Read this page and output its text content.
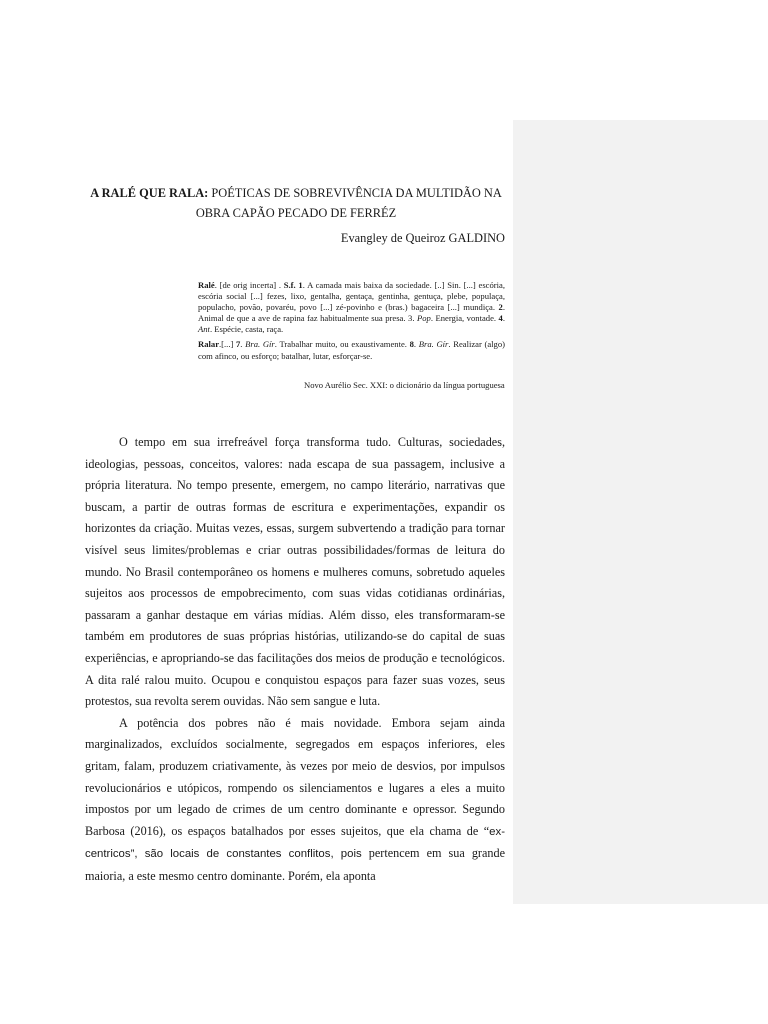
A RALÉ QUE RALA: POÉTICAS DE SOBREVIVÊNCIA DA MULTIDÃO NA OBRA CAPÃO PECADO DE FERRÉZ
Evangley de Queiroz GALDINO

Ralé. [de orig incerta] . S.f. 1. A camada mais baixa da sociedade. [..] Sin. [...] escória, escória social [...] fezes, lixo, gentalha, gentaça, gentinha, gentuça, plebe, populaça, populacho, povão, povaréu, povo [...] zé-povinho e (bras.) bagaceira [...] mundiça. 2. Animal de que a ave de rapina faz habitualmente sua presa. 3. Pop. Energia, vontade. 4. Ant. Espécie, casta, raça.

Ralar.[...] 7. Bra. Gír. Trabalhar muito, ou exaustivamente. 8. Bra. Gír. Realizar (algo) com afinco, ou esforço; batalhar, lutar, esforçar-se.

Novo Aurélio Sec. XXI: o dicionário da língua portuguesa

O tempo em sua irrefreável força transforma tudo. Culturas, sociedades, ideologias, pessoas, conceitos, valores: nada escapa de sua passagem, inclusive a própria literatura. No tempo presente, emergem, no campo literário, narrativas que buscam, a partir de outras formas de escritura e experimentações, expandir os horizontes da criação. Muitas vezes, essas, surgem subvertendo a tradição para tornar visível seus limites/problemas e criar outras possibilidades/formas de leitura do mundo. No Brasil contemporâneo os homens e mulheres comuns, sobretudo aqueles sujeitos aos processos de empobrecimento, com suas vidas cotidianas ordinárias, passaram a ganhar destaque em várias mídias. Além disso, eles transformaram-se também em produtores de suas próprias histórias, utilizando-se do capital de suas experiências, e apropriando-se das facilitações dos meios de produção e tecnológicos. A dita ralé ralou muito. Ocupou e conquistou espaços para fazer suas vozes, seus protestos, sua revolta serem ouvidas. Não sem sangue e luta.

A potência dos pobres não é mais novidade. Embora sejam ainda marginalizados, excluídos socialmente, segregados em espaços inferiores, eles gritam, falam, produzem criativamente, às vezes por meio de desvios, por impulsos revolucionários e utópicos, rompendo os silenciamentos e lugares a eles a muito impostos por um legado de crimes de um centro dominante e opressor. Segundo Barbosa (2016), os espaços batalhados por esses sujeitos, que ela chama de “ex-centricos”, são locais de constantes conflitos, pois pertencem em sua grande maioria, a este mesmo centro dominante. Porém, ela aponta
